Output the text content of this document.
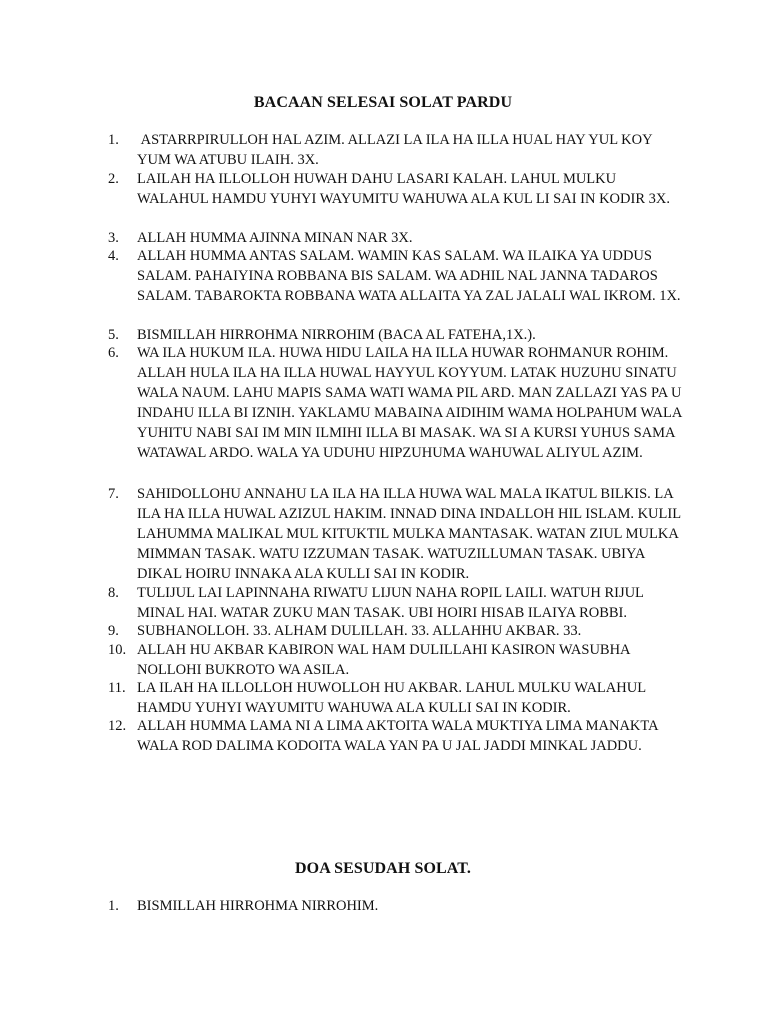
BACAAN SELESAI SOLAT PARDU
1.	ASTARRPIRULLOH HAL AZIM. ALLAZI LA ILA HA ILLA HUAL HAY YUL KOY YUM WA ATUBU ILAIH. 3X.
2.	LAILAH HA ILLOLLOH HUWAH DAHU LASARI KALAH. LAHUL MULKU WALAHUL HAMDU YUHYI WAYUMITU WAHUWA ALA KUL LI SAI IN KODIR 3X.
3.	ALLAH HUMMA AJINNA MINAN NAR 3X.
4.	ALLAH HUMMA ANTAS SALAM. WAMIN KAS SALAM. WA ILAIKA YA UDDUS SALAM. PAHAIYINA ROBBANA BIS SALAM. WA ADHIL NAL JANNA TADAROS SALAM. TABAROKTA ROBBANA WATA ALLAITA YA ZAL JALALI WAL IKROM. 1X.
5.	BISMILLAH HIRROHMA NIRROHIM (BACA AL FATEHA,1X.).
6.	WA ILA HUKUM ILA. HUWA HIDU LAILA HA ILLA HUWAR ROHMANUR ROHIM. ALLAH HULA ILA HA ILLA HUWAL HAYYUL KOYYUM. LATAK HUZUHU SINATU WALA NAUM. LAHU MAPIS SAMA WATI WAMA PIL ARD. MAN ZALLAZI YAS PA U INDAHU ILLA BI IZNIH. YAKLAMU MABAINA AIDIHIM WAMA HOLPAHUM WALA YUHITU NABI SAI IM MIN ILMIHI ILLA BI MASAK. WA SI A KURSI YUHUS SAMA WATAWAL ARDO. WALA YA UDUHU HIPZUHUMA WAHUWAL ALIYUL AZIM.
7.	SAHIDOLLOHU ANNAHU LA ILA HA ILLA HUWA WAL MALA IKATUL BILKIS. LA ILA HA ILLA HUWAL AZIZUL HAKIM. INNAD DINA INDALLOH HIL ISLAM. KULIL LAHUMMA MALIKAL MUL KITUKTIL MULKA MANTASAK. WATAN ZIUL MULKA MIMMAN TASAK. WATU IZZUMAN TASAK. WATUZILLUMAN TASAK. UBIYA DIKAL HOIRU INNAKA ALA KULLI SAI IN KODIR.
8.	TULIJUL LAI LAPINNAHA RIWATU LIJUN NAHA ROPIL LAILI. WATUH RIJUL MINAL HAI. WATAR ZUKU MAN TASAK. UBI HOIRI HISAB ILAIYA ROBBI.
9.	SUBHANOLLOH. 33. ALHAM DULILLAH. 33. ALLAHHU AKBAR. 33.
10. ALLAH HU AKBAR KABIRON WAL HAM DULILLAHI KASIRON WASUBHA NOLLOHI BUKROTO WA ASILA.
11. LA ILAH HA ILLOLLOH HUWOLLOH HU AKBAR. LAHUL MULKU WALAHUL HAMDU YUHYI WAYUMITU WAHUWA ALA KULLI SAI IN KODIR.
12. ALLAH HUMMA LAMA NI A LIMA AKTOITA WALA MUKTIYA LIMA MANAKTA WALA ROD DALIMA KODOITA WALA YAN PA U JAL JADDI MINKAL JADDU.
DOA SESUDAH SOLAT.
1.	BISMILLAH HIRROHMA NIRROHIM.
